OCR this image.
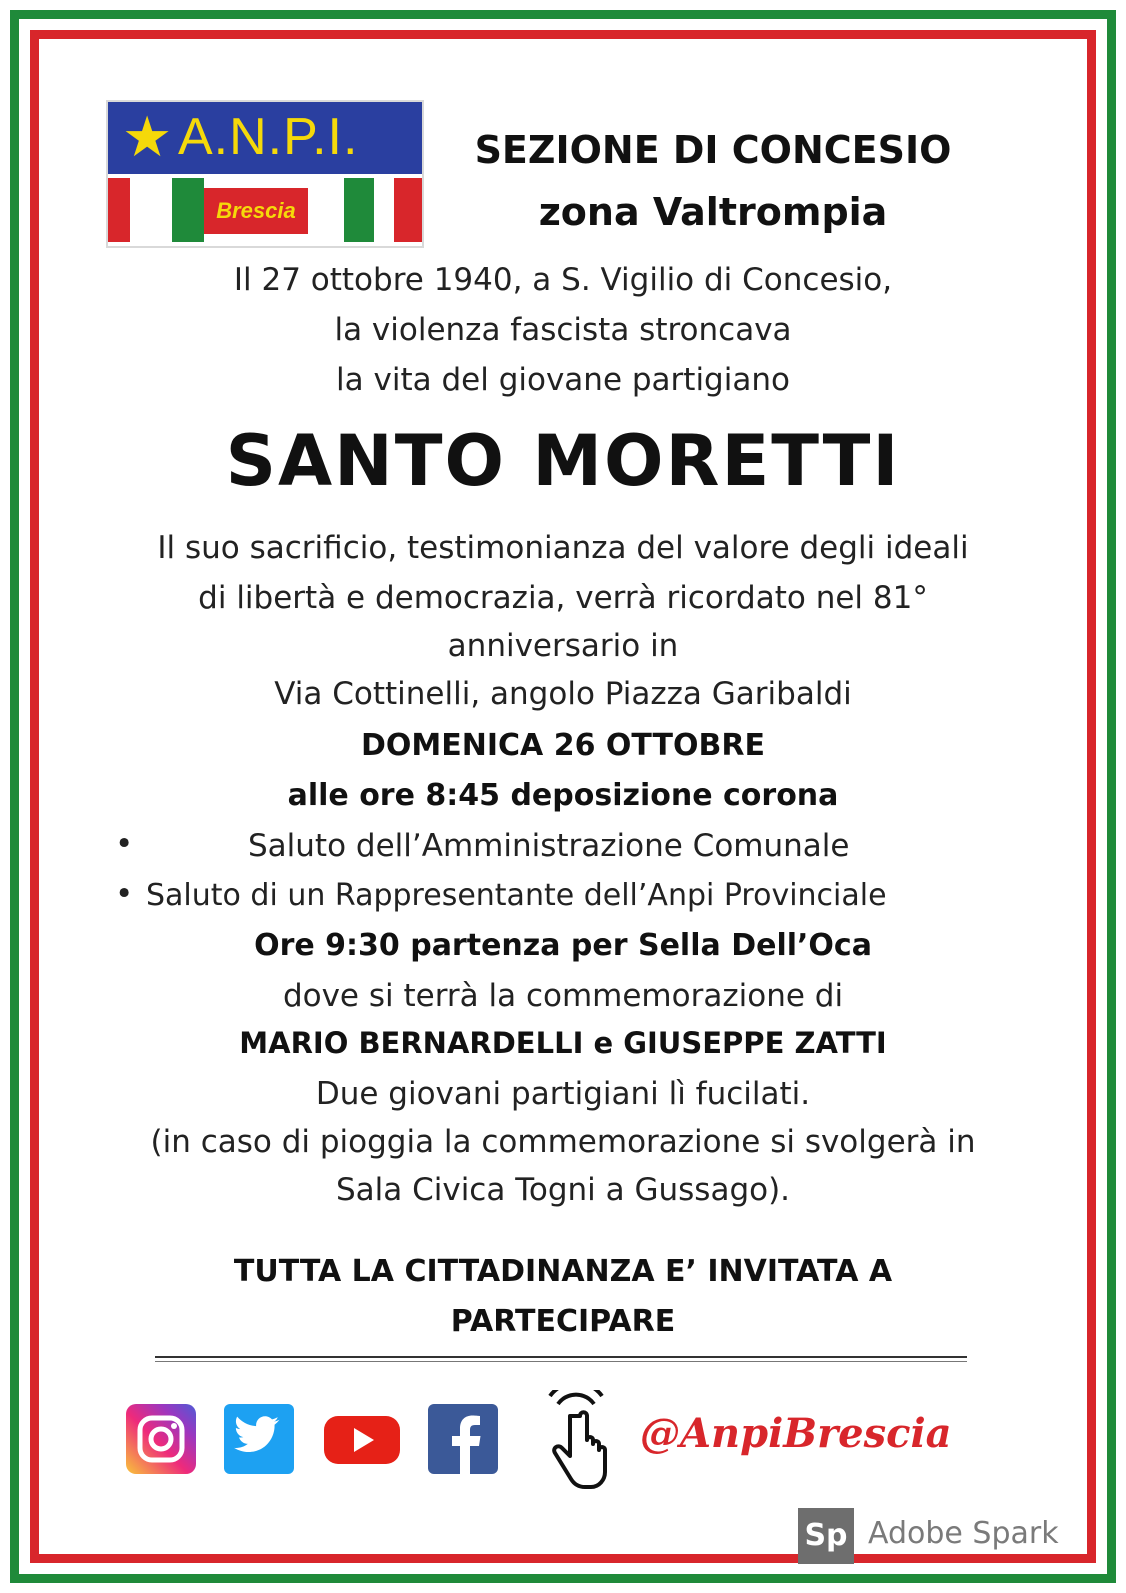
★ A.N.P.I.
Brescia
SEZIONE DI CONCESIO
zona Valtrompia
Il 27 ottobre 1940, a S. Vigilio di Concesio,
la violenza fascista stroncava
la vita del giovane partigiano
SANTO MORETTI
Il suo sacrificio, testimonianza del valore degli ideali
di libertà e democrazia, verrà ricordato nel 81°
anniversario in
Via Cottinelli, angolo Piazza Garibaldi
DOMENICA 26 OTTOBRE
alle ore 8:45 deposizione corona
•	Saluto dell’Amministrazione Comunale
• Saluto di un Rappresentante dell’Anpi Provinciale
Ore 9:30 partenza per Sella Dell’Oca
dove si terrà la commemorazione di
MARIO BERNARDELLI e GIUSEPPE ZATTI
Due giovani partigiani lì fucilati.
(in caso di pioggia la commemorazione si svolgerà in
Sala Civica Togni a Gussago).
TUTTA LA CITTADINANZA E’ INVITATA A
PARTECIPARE
@AnpiBrescia
Sp Adobe Spark
